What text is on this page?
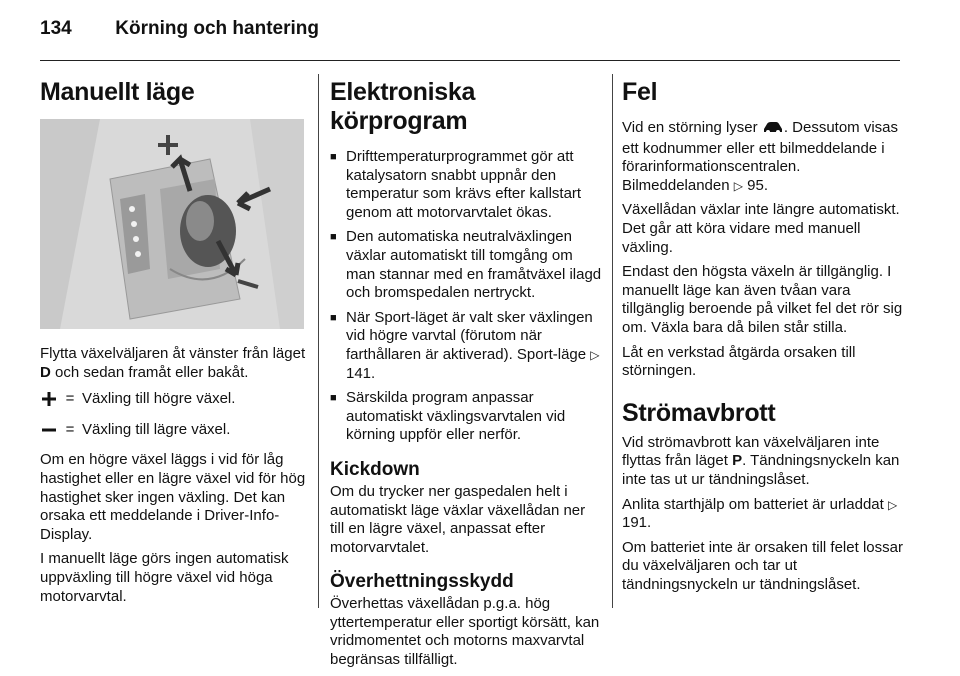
134 Körning och hantering
Manuellt läge

Flytta växelväljaren åt vänster från läget D och sedan framåt eller bakåt.

= Växling till högre växel.
= Växling till lägre växel.

Om en högre växel läggs i vid för låg hastighet eller en lägre växel vid för hög hastighet sker ingen växling. Det kan orsaka ett meddelande i Driver-Info-Display.

I manuellt läge görs ingen automatisk uppväxling till högre växel vid höga motorvarvtal.

Elektroniska körprogram
■ Drifttemperaturprogrammet gör att katalysatorn snabbt uppnår den temperatur som krävs efter kallstart genom att motorvarvtalet ökas.
■ Den automatiska neutralväxlingen växlar automatiskt till tomgång om man stannar med en framåtväxel ilagd och bromspedalen nertryckt.
■ När Sport-läget är valt sker växlingen vid högre varvtal (förutom när farthållaren är aktiverad). Sport-läge ▷ 141.
■ Särskilda program anpassar automatiskt växlingsvarvtalen vid körning uppför eller nerför.
Kickdown

Om du trycker ner gaspedalen helt i automatiskt läge växlar växellådan ner till en lägre växel, anpassat efter motorvarvtalet.

Överhettningsskydd

Överhettas växellådan p.g.a. hög yttertemperatur eller sportigt körsätt, kan vridmomentet och motorns maxvarvtal begränsas tillfälligt.

Fel

Vid en störning lyser . Dessutom visas ett kodnummer eller ett bilmeddelande i förarinformationscentralen. Bilmeddelanden ▷ 95.

Växellådan växlar inte längre automatiskt. Det går att köra vidare med manuell växling.

Endast den högsta växeln är tillgänglig. I manuellt läge kan även tvåan vara tillgänglig beroende på vilket fel det rör sig om. Växla bara då bilen står stilla.

Låt en verkstad åtgärda orsaken till störningen.

Strömavbrott

Vid strömavbrott kan växelväljaren inte flyttas från läget P. Tändningsnyckeln kan inte tas ut ur tändningslåset.

Anlita starthjälp om batteriet är urladdat ▷ 191.

Om batteriet inte är orsaken till felet lossar du växelväljaren och tar ut tändningsnyckeln ur tändningslåset.
